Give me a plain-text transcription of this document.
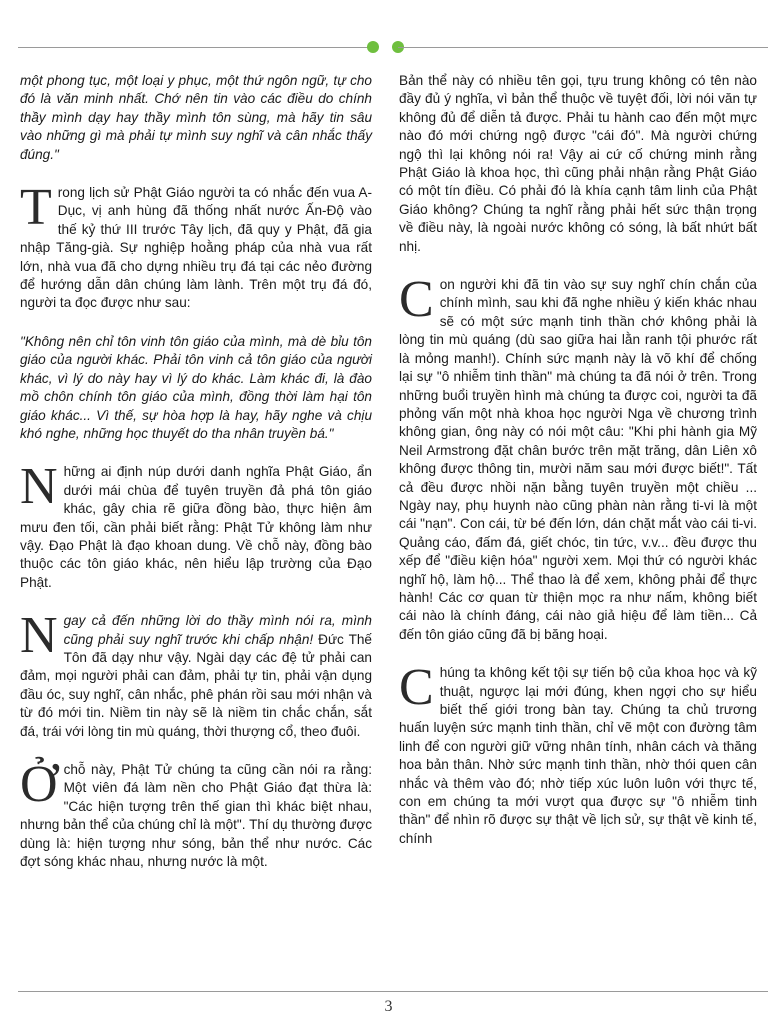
một phong tục, một loại y phục, một thứ ngôn ngữ, tự cho đó là văn minh nhất. Chớ nên tin vào các điều do chính thầy mình dạy hay thầy mình tôn sùng, mà hãy tin sâu vào những gì mà phải tự mình suy nghĩ và cân nhắc thấy đúng."

Trong lịch sử Phật Giáo người ta có nhắc đến vua A-Dục, vị anh hùng đã thống nhất nước Ấn-Độ vào thế kỷ thứ III trước Tây lịch, đã quy y Phật, đã gia nhập Tăng-già. Sự nghiệp hoằng pháp của nhà vua rất lớn, nhà vua đã cho dựng nhiều trụ đá tại các nẻo đường để hướng dẫn dân chúng làm lành. Trên một trụ đá đó, người ta đọc được như sau:

"Không nên chỉ tôn vinh tôn giáo của mình, mà dè bỉu tôn giáo của người khác. Phải tôn vinh cả tôn giáo của người khác, vì lý do này hay vì lý do khác. Làm khác đi, là đào mồ chôn chính tôn giáo của mình, đồng thời làm hại tôn giáo khác... Vì thế, sự hòa hợp là hay, hãy nghe và chịu khó nghe, những học thuyết do tha nhân truyền bá."

Những ai định núp dưới danh nghĩa Phật Giáo, ẩn dưới mái chùa để tuyên truyền đả phá tôn giáo khác, gây chia rẽ giữa đồng bào, thực hiện âm mưu đen tối, cần phải biết rằng: Phật Tử không làm như vậy. Đạo Phật là đạo khoan dung. Về chỗ này, đồng bào thuộc các tôn giáo khác, nên hiểu lập trường của Đạo Phật.

Ngay cả đến những lời do thầy mình nói ra, mình cũng phải suy nghĩ trước khi chấp nhận! Đức Thế Tôn đã dạy như vậy. Ngài dạy các đệ tử phải can đảm, mọi người phải can đảm, phải tự tin, phải vận dụng đầu óc, suy nghĩ, cân nhắc, phê phán rồi sau mới nhận và từ đó mới tin. Niềm tin này sẽ là niềm tin chắc chắn, sắt đá, trái với lòng tin mù quáng, thời thượng cổ, theo đuôi.

Ởchỗ này, Phật Tử chúng ta cũng cần nói ra rằng: Một viên đá làm nền cho Phật Giáo đạt thừa là: "Các hiện tượng trên thế gian thì khác biệt nhau, nhưng bản thể của chúng chỉ là một". Thí dụ thường được dùng là: hiện tượng như sóng, bản thể như nước. Các đợt sóng khác nhau, nhưng nước là một.

Bản thể này có nhiều tên gọi, tựu trung không có tên nào đầy đủ ý nghĩa, vì bản thể thuộc về tuyệt đối, lời nói văn tự không đủ để diễn tả được. Phải tu hành cao đến một mực nào đó mới chứng ngộ được "cái đó". Mà người chứng ngộ thì lại không nói ra! Vậy ai cứ cố chứng minh rằng Phật Giáo là khoa học, thì cũng phải nhận rằng Phật Giáo có một tín điều. Có phải đó là khía cạnh tâm linh của Phật Giáo không? Chúng ta nghĩ rằng phải hết sức thận trọng về điều này, là ngoài nước không có sóng, là bất nhứt bất nhị.

Con người khi đã tin vào sự suy nghĩ chín chắn của chính mình, sau khi đã nghe nhiều ý kiến khác nhau sẽ có một sức mạnh tinh thần chớ không phải là lòng tin mù quáng (dù sao giữa hai lằn ranh tội phước rất là mỏng manh!). Chính sức mạnh này là võ khí để chống lại sự "ô nhiễm tinh thần" mà chúng ta đã nói ở trên. Trong những buổi truyền hình mà chúng ta được coi, người ta đã phỏng vấn một nhà khoa học người Nga về chương trình không gian, ông này có nói một câu: "Khi phi hành gia Mỹ Neil Armstrong đặt chân bước trên mặt trăng, dân Liên xô không được thông tin, mười năm sau mới được biết!". Tất cả đều được nhồi nặn bằng tuyên truyền một chiều ... Ngày nay, phụ huynh nào cũng phàn nàn rằng ti-vi là một cái "nạn". Con cái, từ bé đến lớn, dán chặt mắt vào cái ti-vi. Quảng cáo, đấm đá, giết chóc, tin tức, v.v... đều được thu xếp để "điều kiện hóa" người xem. Mọi thứ có người khác nghĩ hộ, làm hộ... Thể thao là để xem, không phải để thực hành! Các cơ quan từ thiện mọc ra như nấm, không biết cái nào là chính đáng, cái nào giả hiệu để làm tiền... Cả đến tôn giáo cũng đã bị băng hoại.

Chúng ta không kết tội sự tiến bộ của khoa học và kỹ thuật, ngược lại mới đúng, khen ngợi cho sự hiểu biết thế giới trong bàn tay. Chúng ta chủ trương huấn luyện sức mạnh tinh thần, chỉ vẽ một con đường tâm linh để con người giữ vững nhân tính, nhân cách và thăng hoa bản thân. Nhờ sức mạnh tinh thần, nhờ thói quen cân nhắc và thêm vào đó; nhờ tiếp xúc luôn luôn với thực tế, con em chúng ta mới vượt qua được sự "ô nhiễm tinh thần" để nhìn rõ được sự thật về lịch sử, sự thật về kinh tế, chính

3
